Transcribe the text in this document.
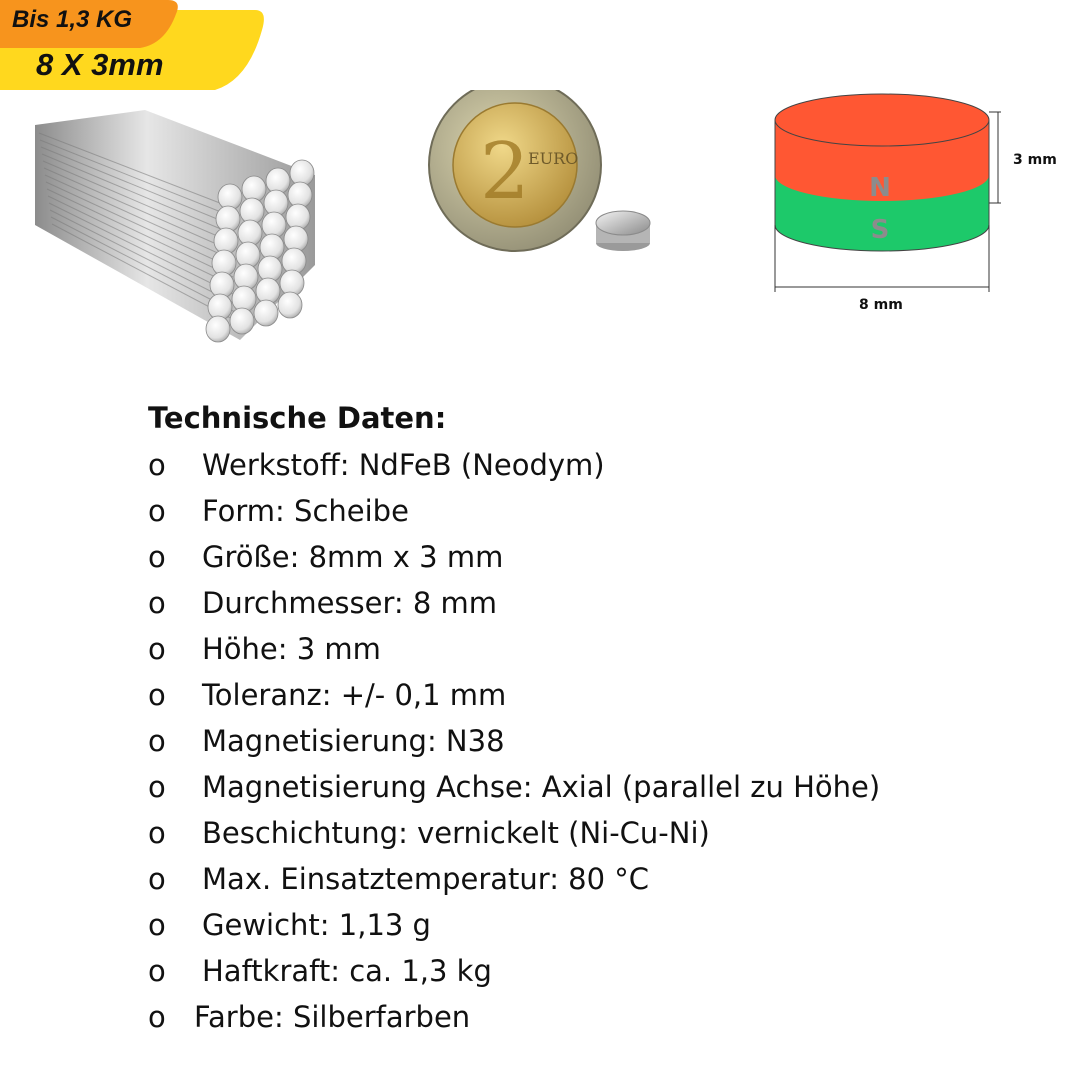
Bis 1,3 KG
8 X 3mm
2
EURO
N
S
3 mm
8 mm
Technische Daten:
o	Werkstoff: NdFeB (Neodym)
o	Form: Scheibe
o	Größe: 8mm x 3 mm
o	Durchmesser: 8 mm
o	Höhe: 3 mm
o	Toleranz: +/- 0,1 mm
o	Magnetisierung: N38
o	Magnetisierung Achse: Axial (parallel zu Höhe)
o	Beschichtung: vernickelt (Ni-Cu-Ni)
o	Max. Einsatztemperatur: 80 °C
o	Gewicht: 1,13 g
o	Haftkraft: ca. 1,3 kg
o Farbe: Silberfarben
